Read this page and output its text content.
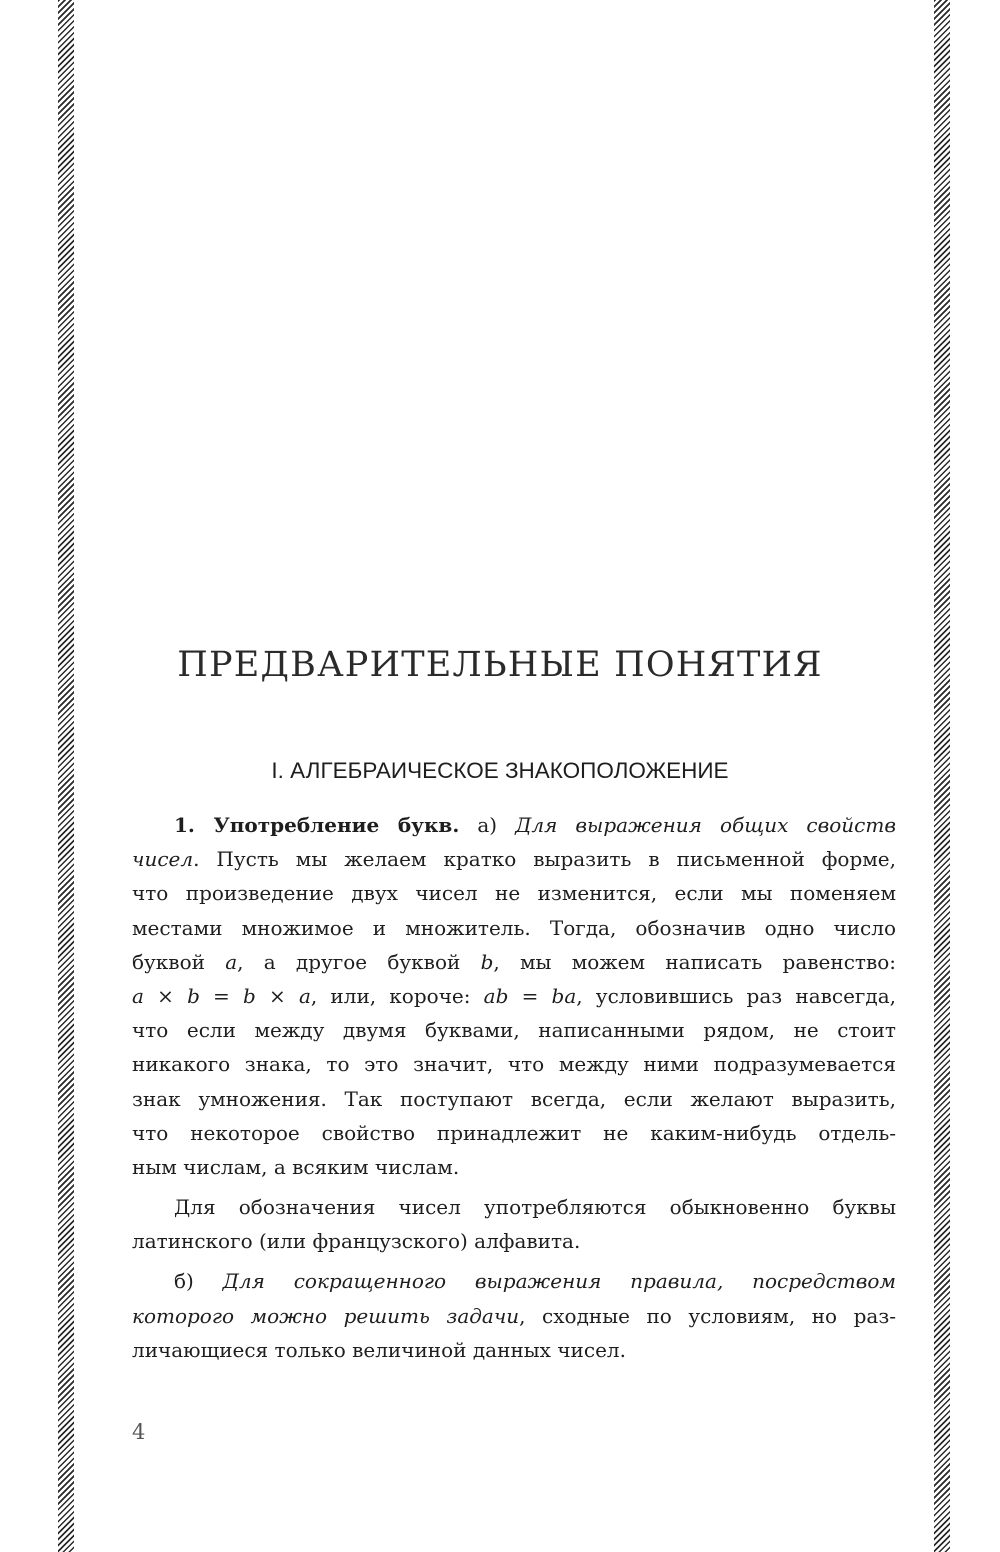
ПРЕДВАРИТЕЛЬНЫЕ ПОНЯТИЯ
I. АЛГЕБРАИЧЕСКОЕ ЗНАКОПОЛОЖЕНИЕ
1. Употребление букв. а) Для выражения общих свойств
чисел. Пусть мы желаем кратко выразить в письменной форме,
что произведение двух чисел не изменится, если мы поменяем
местами множимое и множитель. Тогда, обозначив одно число
буквой a, а другое буквой b, мы можем написать равенство:
a × b = b × a, или, короче: ab = ba, условившись раз навсегда,
что если между двумя буквами, написанными рядом, не стоит
никакого знака, то это значит, что между ними подразумевается
знак умножения. Так поступают всегда, если желают выразить,
что некоторое свойство принадлежит не каким-нибудь отдель-
ным числам, а всяким числам.
Для обозначения чисел употребляются обыкновенно буквы
латинского (или французского) алфавита.
б) Для сокращенного выражения правила, посредством
которого можно решить задачи, сходные по условиям, но раз-
личающиеся только величиной данных чисел.
4
